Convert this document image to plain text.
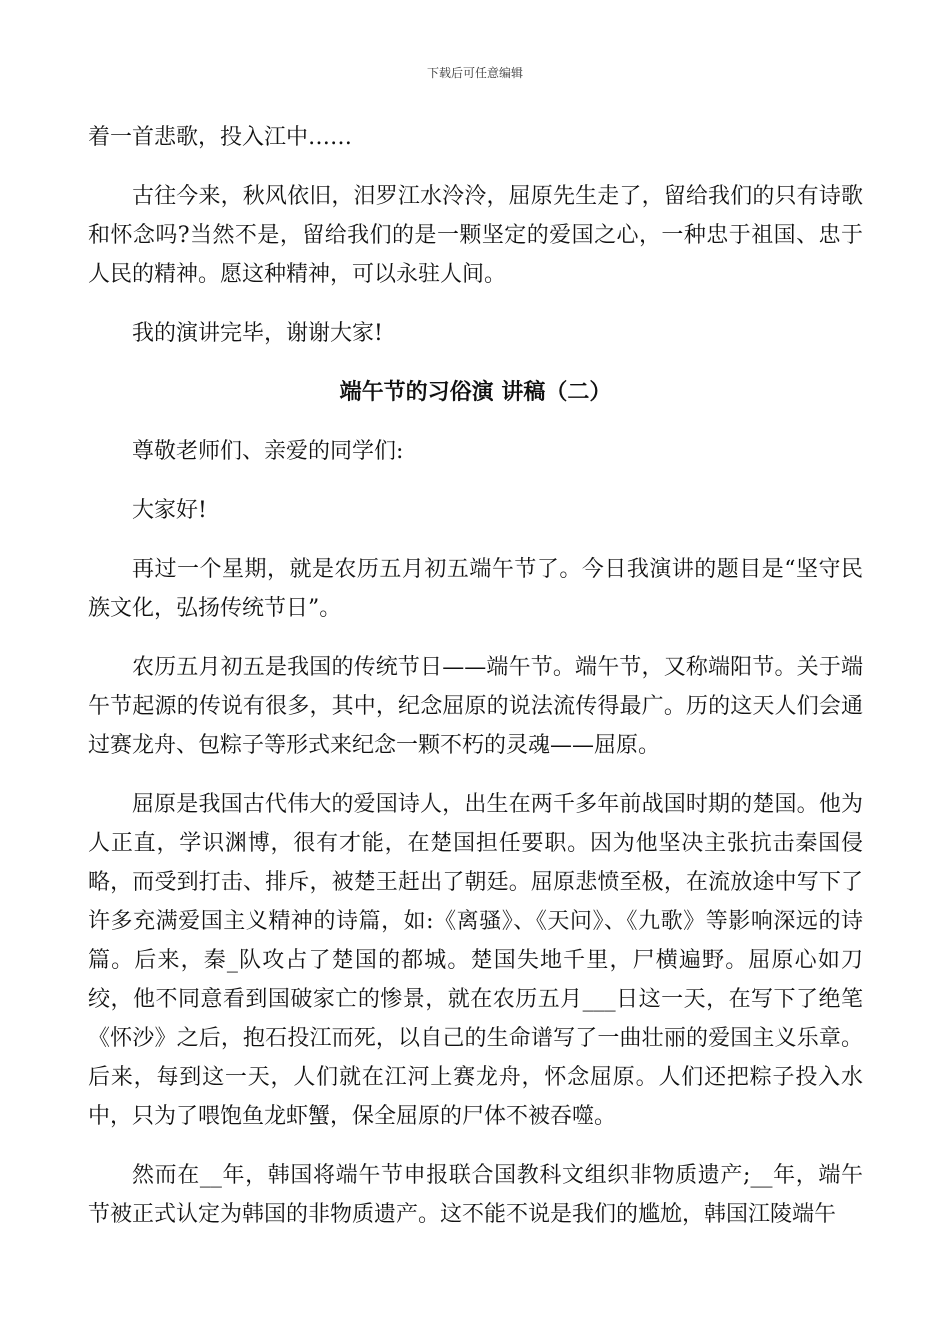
下载后可任意编辑

着一首悲歌，投入江中……

古往今来，秋风依旧，汨罗江水泠泠，屈原先生走了，留给我们的只有诗歌和怀念吗?当然不是，留给我们的是一颗坚定的爱国之心，一种忠于祖国、忠于人民的精神。愿这种精神，可以永驻人间。

我的演讲完毕，谢谢大家!

端午节的习俗演 讲稿（二）

尊敬老师们、亲爱的同学们:

大家好!

再过一个星期，就是农历五月初五端午节了。今日我演讲的题目是“坚守民族文化，弘扬传统节日”。

农历五月初五是我国的传统节日——端午节。端午节，又称端阳节。关于端午节起源的传说有很多，其中，纪念屈原的说法流传得最广。历的这天人们会通过赛龙舟、包粽子等形式来纪念一颗不朽的灵魂——屈原。

屈原是我国古代伟大的爱国诗人，出生在两千多年前战国时期的楚国。他为人正直，学识渊博，很有才能，在楚国担任要职。因为他坚决主张抗击秦国侵略，而受到打击、排斥，被楚王赶出了朝廷。屈原悲愤至极，在流放途中写下了许多充满爱国主义精神的诗篇，如:《离骚》、《天问》、《九歌》等影响深远的诗篇。后来，秦_队攻占了楚国的都城。楚国失地千里，尸横遍野。屈原心如刀绞，他不同意看到国破家亡的惨景，就在农历五月___日这一天，在写下了绝笔《怀沙》之后，抱石投江而死，以自己的生命谱写了一曲壮丽的爱国主义乐章。后来，每到这一天，人们就在江河上赛龙舟，怀念屈原。人们还把粽子投入水中，只为了喂饱鱼龙虾蟹，保全屈原的尸体不被吞噬。

然而在__年，韩国将端午节申报联合国教科文组织非物质遗产;__年，端午节被正式认定为韩国的非物质遗产。这不能不说是我们的尴尬，韩国江陵端午
